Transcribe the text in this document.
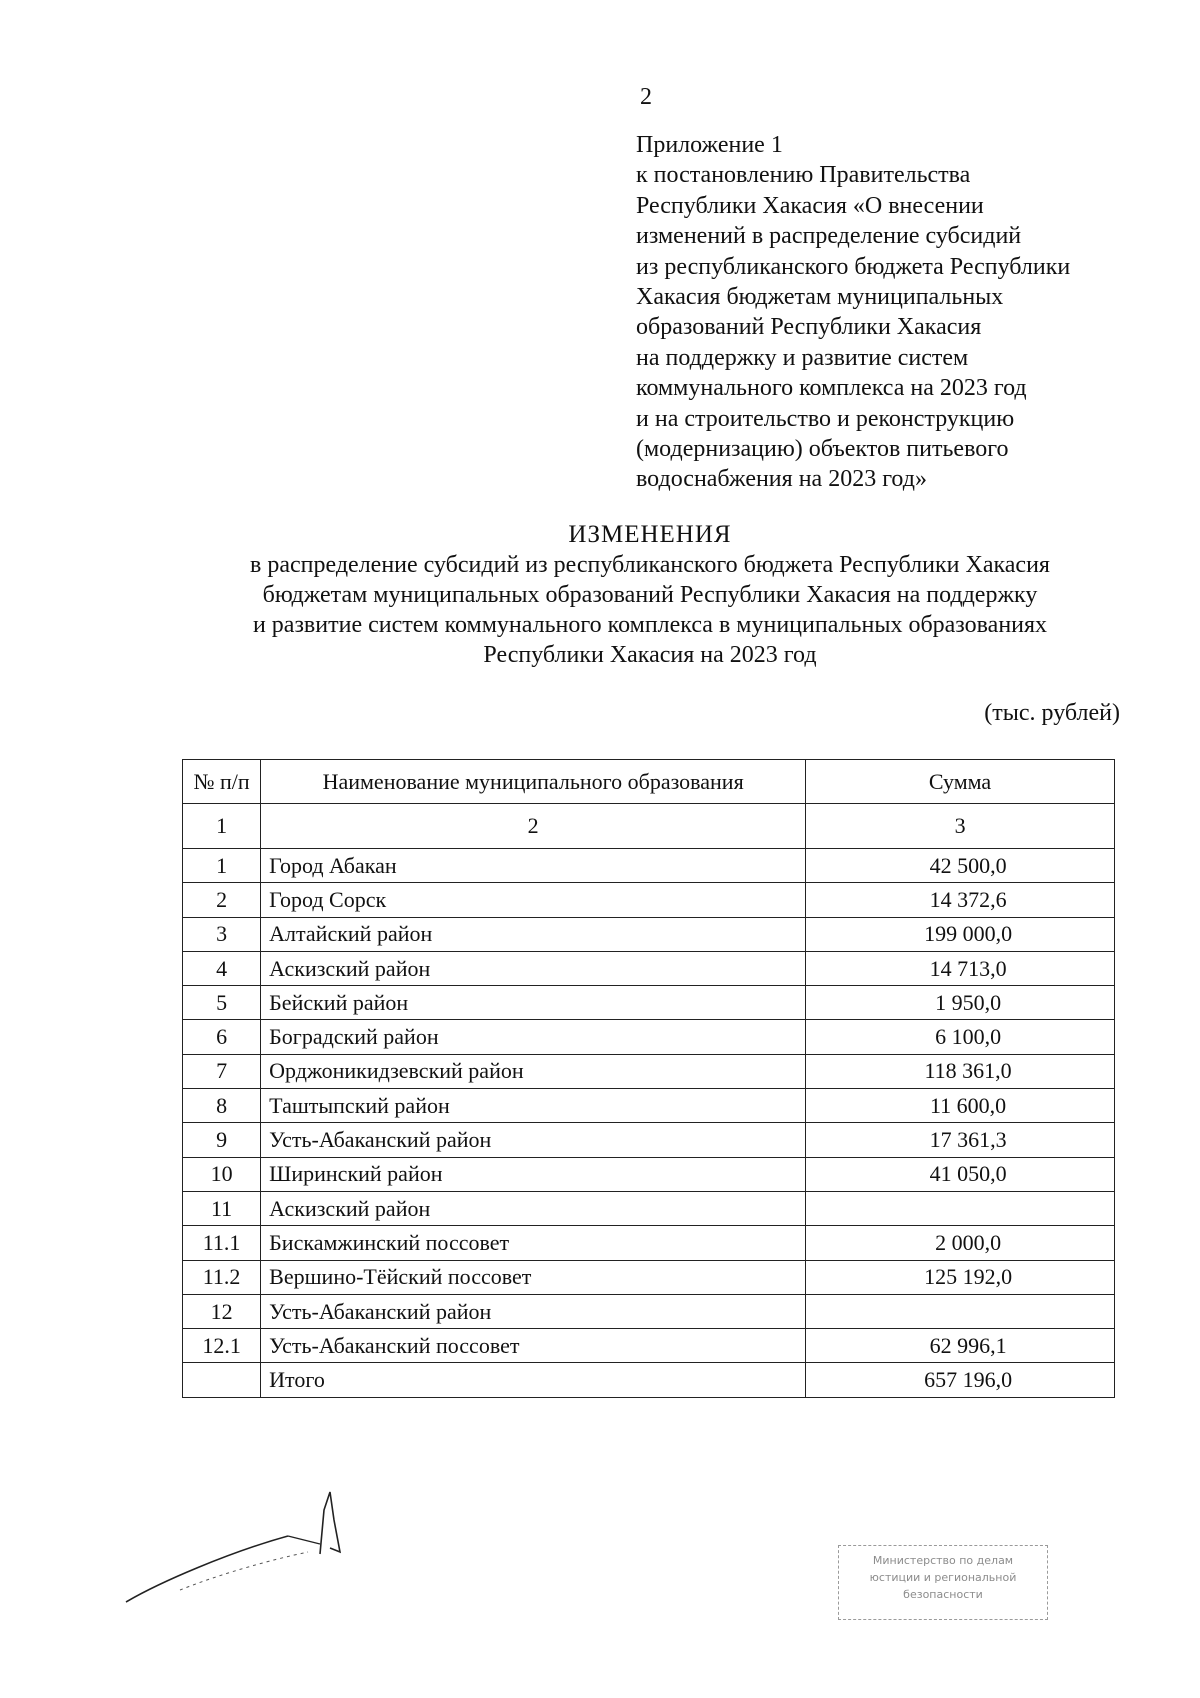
2
Приложение 1
к постановлению Правительства
Республики Хакасия «О внесении
изменений в распределение субсидий
из республиканского бюджета Республики
Хакасия бюджетам муниципальных
образований Республики Хакасия
на поддержку и развитие систем
коммунального комплекса на 2023 год
и на строительство и реконструкцию
(модернизацию) объектов питьевого
водоснабжения на 2023 год»
ИЗМЕНЕНИЯ
в распределение субсидий из республиканского бюджета Республики Хакасия
бюджетам муниципальных образований Республики Хакасия на поддержку
и развитие систем коммунального комплекса в муниципальных образованиях
Республики Хакасия на 2023 год
(тыс. рублей)
№ п/п	Наименование муниципального образования	Сумма
1	2	3
1	Город Абакан	42 500,0
2	Город Сорск	14 372,6
3	Алтайский район	199 000,0
4	Аскизский район	14 713,0
5	Бейский район	1 950,0
6	Боградский район	6 100,0
7	Орджоникидзевский район	118 361,0
8	Таштыпский район	11 600,0
9	Усть-Абаканский район	17 361,3
10	Ширинский район	41 050,0
11	Аскизский район	
11.1	Бискамжинский поссовет	2 000,0
11.2	Вершино-Тёйский поссовет	125 192,0
12	Усть-Абаканский район	
12.1	Усть-Абаканский поссовет	62 996,1
	Итого	657 196,0
Министерство по делам
юстиции и региональной
безопасности
